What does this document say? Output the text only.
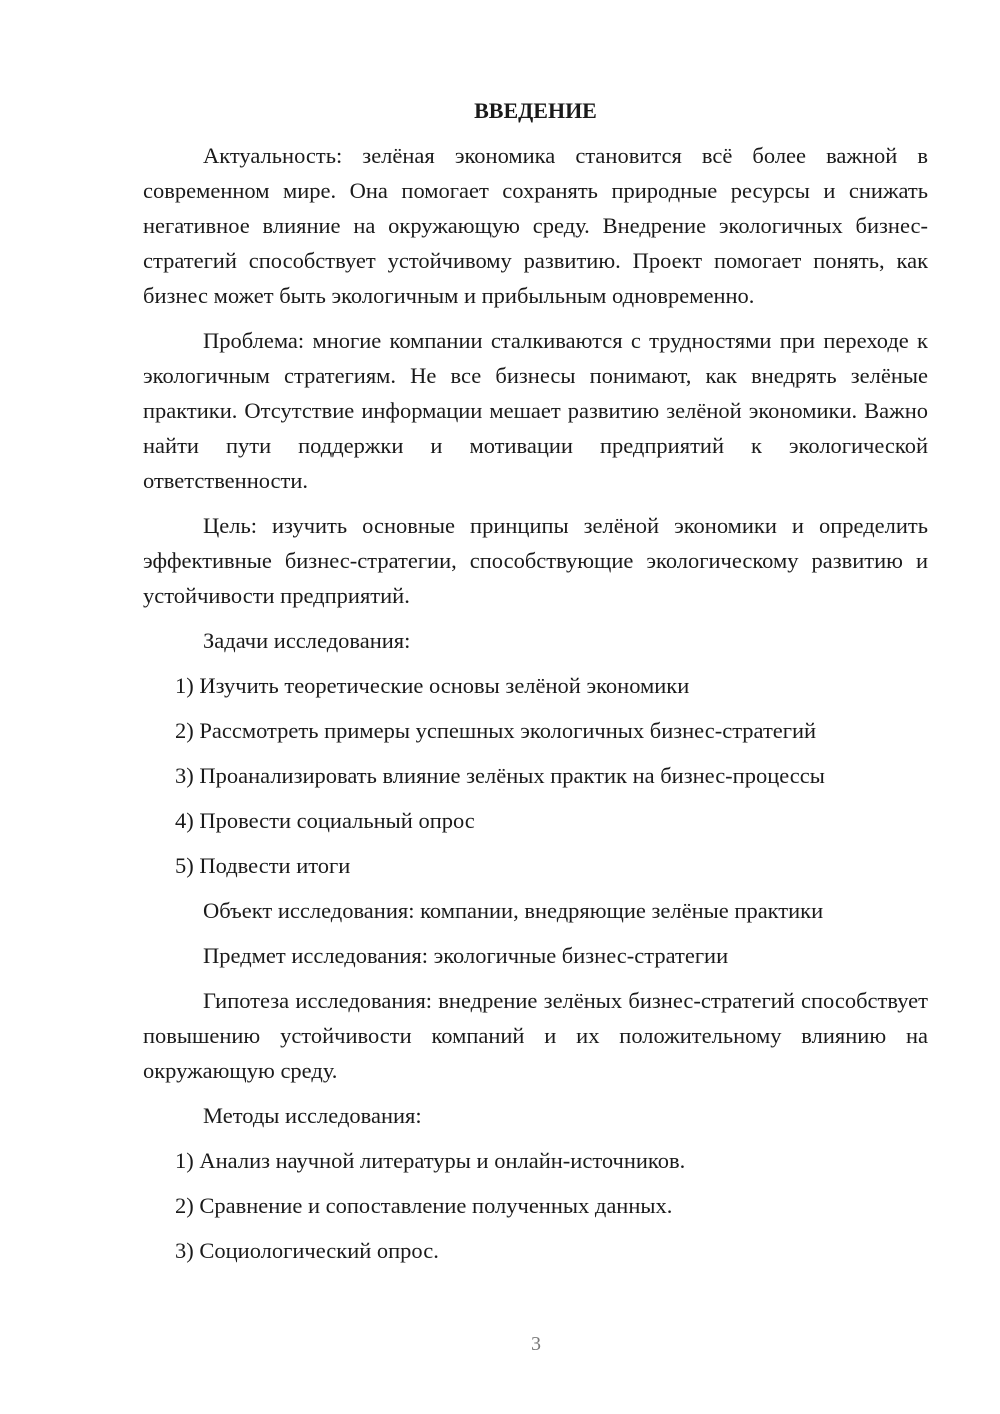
ВВЕДЕНИЕ

Актуальность: зелёная экономика становится всё более важной в современном мире. Она помогает сохранять природные ресурсы и снижать негативное влияние на окружающую среду. Внедрение экологичных бизнес-стратегий способствует устойчивому развитию. Проект помогает понять, как бизнес может быть экологичным и прибыльным одновременно.

Проблема: многие компании сталкиваются с трудностями при переходе к экологичным стратегиям. Не все бизнесы понимают, как внедрять зелёные практики. Отсутствие информации мешает развитию зелёной экономики. Важно найти пути поддержки и мотивации предприятий к экологической ответственности.

Цель: изучить основные принципы зелёной экономики и определить эффективные бизнес-стратегии, способствующие экологическому развитию и устойчивости предприятий.

Задачи исследования:

1) Изучить теоретические основы зелёной экономики

2) Рассмотреть примеры успешных экологичных бизнес-стратегий

3) Проанализировать влияние зелёных практик на бизнес-процессы

4) Провести социальный опрос

5) Подвести итоги

Объект исследования: компании, внедряющие зелёные практики

Предмет исследования: экологичные бизнес-стратегии

Гипотеза исследования: внедрение зелёных бизнес-стратегий способствует повышению устойчивости компаний и их положительному влиянию на окружающую среду.

Методы исследования:

1) Анализ научной литературы и онлайн-источников.

2) Сравнение и сопоставление полученных данных.

3) Социологический опрос.

3
